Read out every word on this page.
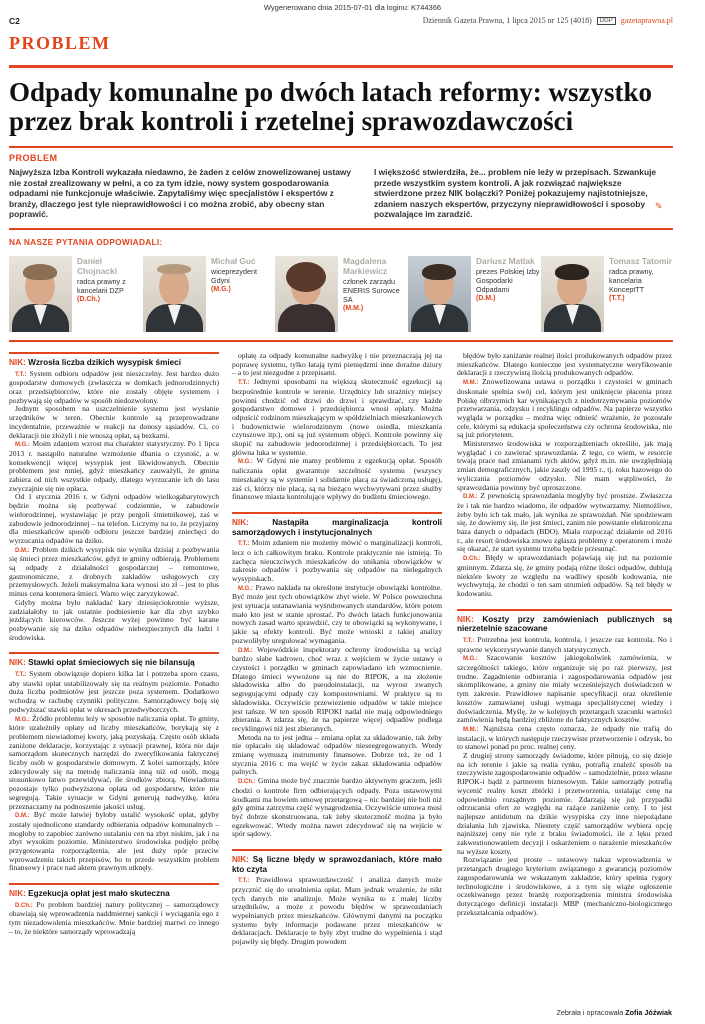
Wygenerowano dnia 2015-07-01 dla loginu: K744366
C2	Dziennik Gazeta Prawna, 1 lipca 2015 nr 125 (4018) DGP gazetaprawna.pl
PROBLEM
Odpady komunalne po dwóch latach reformy: wszystko przez brak kontroli i rzetelnej sprawozdawczości
PROBLEM
Najwyższa Izba Kontroli wykazała niedawno, że żaden z celów znowelizowanej ustawy nie został zrealizowany w pełni, a co za tym idzie, nowy system gospodarowania odpadami nie funkcjonuje właściwie. Zapytaliśmy więc specjalistów i ekspertów z branży, dlaczego jest tyle nieprawidłowości i co można zrobić, aby obecny stan poprawić.
I większość stwierdziła, że... problem nie leży w przepisach. Szwankuje przede wszystkim system kontroli. A jak rozwiązać największe stwierdzone przez NIK bolączki? Poniżej pokazujemy najistotniejsze, zdaniem naszych ekspertów, przyczyny nieprawidłowości i sposoby pozwalające im zaradzić.
✎
NA NASZE PYTANIA ODPOWIADALI:
Daniel Chojnacki
radca prawny z kancelarii DZP
(D.Ch.)
Michał Guć
wiceprezydent Gdyni
(M.G.)
Magdalena Markiewicz
członek zarządu ENERIS Surowce SA
(M.M.)
Dariusz Matlak
prezes Polskiej Izby Gospodarki Odpadami
(D.M.)
Tomasz Tatomir
radca prawny, kancelaria KonceptTT
(T.T.)
NIK: Wzrosła liczba dzikich wysypisk śmieci

T.T.: System odbioru odpadów jest nieszczelny. Jest bardzo dużo gospodarstw domowych (zwłaszcza w domkach jednorodzinnych) oraz przedsiębiorców, które nie zostały objęte systemem i pozbywają się odpadów w sposób niedozwolony.

Jednym sposobem na uszczelnienie systemu jest wysłanie urzędników w teren. Obecnie kontrole są przeprowadzane incydentalnie, przeważnie w reakcji na donosy sąsiadów. Ci, co deklaracji nie złożyli i nie wnoszą opłat, są bezkarni.

M.G.: Moim zdaniem wzrost ma charakter statystyczny. Po 1 lipca 2013 r. nastąpiło naturalne wzmożenie dbania o czystość, a w konsekwencji więcej wysypisk jest likwidowanych. Obecnie problemem jest mniej, gdyż mieszkańcy zauważyli, że gmina zabiera od nich wszystkie odpady, dlatego wyrzucanie ich do lasu zwyczajnie się nie opłaca.

Od 1 stycznia 2016 r. w Gdyni odpadów wielkogabarytowych będzie można się pozbywać codziennie, w zabudowie wielorodzinnej, wystawiając je przy pergoli śmietnikowej, zaś w zabudowie jednorodzinnej – na telefon. Liczymy na to, że przyjazny dla mieszkańców sposób odbioru jeszcze bardziej zniechęci do wyrzucania odpadów na dziko.

D.M.: Problem dzikich wysypisk nie wynika dzisiaj z pozbywania się śmieci przez mieszkańców, gdyż te gminy odbierają. Problemem są odpady z działalności gospodarczej – remontowe, gastronomiczne, z drobnych zakładów usługowych czy przemysłowych. Jeżeli maksymalna kara wynosi sto zł – jest to plus minus cena kontenera śmieci. Warto więc zaryzykować.

Gdyby można było nakładać kary dziesięciokrotnie wyższe, zadziałałoby to jak ostatnie podniesienie kar dla zbyt szybko jeżdżących kierowców. Jeszcze wyżej powinno być karane pozbywanie się na dziko odpadów niebezpiecznych dla ludzi i środowiska.

NIK: Stawki opłat śmieciowych się nie bilansują

T.T.: System obowiązuje dopiero kilka lat i potrzeba sporo czasu, aby stawki opłat ustabilizowały się na realnym poziomie. Ponadto duża liczba podmiotów jest jeszcze poza systemem. Dodatkowo wchodzą w rachubę czynniki polityczne. Samorządowcy boją się podwyższać stawki opłat w okresach przedwyborczych.

M.G.: Źródło problemu leży w sposobie naliczania opłat. Te gminy, które uzależniły opłaty od liczby mieszkańców, borykają się z problemem niewiadomej kwoty, jaką pozyskają. Często osób składa zaniżone deklaracje, korzystając z sytuacji prawnej, która nie daje samorządom skutecznych narzędzi do zweryfikowania faktycznej liczby osób w gospodarstwie domowym. Z kolei samorządy, które zdecydowały się na metodę naliczania inną niż od osób, mogą stosunkowo łatwo przewidywać, ile środków zbiorą. Niewiadoma pozostaje tylko podwyższona opłata od gospodarstw, które nie segregują. Takie sytuacje w Gdyni generują nadwyżkę, która przeznaczamy na podnoszenie jakości usług.

D.M.: Być może łatwiej byłoby ustalić wysokość opłat, gdyby zostały ujednolicone standardy odbierania odpadów komunalnych – mogłoby to zapobiec zarówno ustalaniu cen na zbyt niskim, jak i na zbyt wysokim poziomie. Ministerstwo środowiska podjęło próbę przygotowania rozporządzenia, ale jest duży opór przeciw wprowadzeniu takich przepisów, bo to przede wszystkim problem finansowy i prace nad aktem prawnym utknęły.

NIK: Egzekucja opłat jest mało skuteczna

D.Ch.: Po problem bardziej natury politycznej – samorządowcy obawiają się wprowadzenia naddmiernej sankcji i wyciągania ego z tym niezadowolenia mieszkańców. Mnie bardziej martwi co innego – to, że niektóre samorządy wprowadzają

opłatę za odpady komunalne nadwyżkę i nie przeznaczają jej na poprawę systemu, tylko łatają tymi pieniędzmi inne doraźne dziury – a to jest niezgodne z przepisami.

T.T.: Jednymi sposobami na większą skuteczność egzekucji są bezpośrednie kontrole w terenie. Urzędnicy lub strażnicy miejscy powinni chodzić od drzwi do drzwi i sprawdzać, czy każde gospodarstwo domowe i przedsiębiorca wnosi opłaty. Można odpuścić rodzinom mieszkającym w spółdzielniach mieszkaniowych i budownictwie wielorodzinnym (nowe osiedla, mieszkania czynszowe itp.), oni są już systemem objęci. Kontrole powinny się skupić na zabudowie jednorodzinnej i przedsiębiorcach. To jest główna luka w systemie.

M.G.: W Gdyni nie mamy problemu z egzekucją opłat. Sposób naliczania opłat gwarantuje szczelność systemu (wszyscy mieszkańcy są w systemie i solidarnie płacą za świadczoną usługę), zaś ci, którzy nie płacą, są na bieżąco wychwytywani przez służby finansowe miasta kontrolujące wpływy do budżetu śmieciowego.

NIK:	Nastąpiła marginalizacja kontroli samorządowych i instytucjonalnych

T.T.: Moim zdaniem nie możemy mówić o marginalizacji kontroli, lecz o ich całkowitym braku. Kontrole praktycznie nie istnieją. To zachęca nieuczciwych mieszkańców do unikania obowiązków w zakresie odpadów i pozbywania się odpadów na nielegalnych wysypiskach.

M.G.: Prawo nakłada na określone instytucje obowiązki kontrolne. Być może jest tych obowiązków zbyt wiele. W Polsce powszechna jest sytuacja ustanawiania wyśrubowanych standardów, które potem mało kto jest w stanie sprostać. Po dwóch latach funkcjonowania nowych zasad warto sprawdzić, czy te obowiązki są wykonywane, i jakie są efekty kontroli. Być może wnioski z takiej analizy pozwoliłyby uregulować wymagania.

D.M.: Wojewódzkie inspektoraty ochrony środowiska są wciąż bardzo słabe kadrowo, choć wraz z wejściem w życie ustawy o czystości i porządku w gminach zapowiadano ich wzmocnienie. Dlatego śmieci wywożone są nie do RIPOK, a na złożenie składowiska albo do pseudoinstalacji, na wyrost zwanych segregującymi odpady czy kompostowniami. W praktyce są to składowiska. Oczywiście przewiezienie odpadów w takie miejsce jest tańsze. W ten sposób RIPOKI nadal nie mają odpowiedniego zbierania. A zdarza się, że na papierze więcej odpadów podlega recyklingowi niż jest zbieranych.

Metoda na to jest jedna – zmiana opłat za składowanie, tak żeby nie opłacało się składować odpadów nieseegregowanych. Wtedy zmianę wymuszą instrumenty finansowe. Dobrze też, że od 1 stycznia 2016 r. ma wejść w życie zakaz składowania odpadów palnych.

D.Ch.: Gmina może być znacznie bardzo aktywnym graczem, jeśli chodzi o kontrole firm odbierających odpady. Poza ustawowymi środkami ma bowiem umowę przetargową – nic bardziej nie boli niż gdy gmina zatrzyma część wynagrodzenia. Oczywiście umowa musi być dobrze skonstruowana, tak żeby skuteczność można ja było egzekwować. Wtedy można nawet zdecydować się na wejście w spór sądowy.

NIK: Są liczne błędy w sprawozdaniach, które mało kto czyta

T.T.: Prawidłowa sprawozdawczość i analiza danych może przycznić się do urealnienia opłat. Mam jednak wrażenie, że nikt tych danych nie analizuje. Może wynika to z małej liczby urzędników, a może z powodu błędów w sprawozdaniach wypełnianych przez mieszkańców. Głównymi danymi na początku systemu były informacje podawane przez mieszkańców w deklaracjach. Deklaracje te były zbyt trudne do wypełnienia i stąd pojawiły się błędy. Drugim powodem

błędów było zaniżanie realnej ilości produkowanych odpadów przez mieszkańców. Dlatego konieczne jest systematyczne weryfikowanie deklaracji z rzeczywistą ilością produkowanych odpadów.

M.M.: Znowelizowana ustawa o porządku i czystości w gminach doskonale spełnia swój cel, którym jest uniknięcie płacenia przez Polskę olbrzymich kar wynikających z niedotrzymywania poziomów przetwarzania, odzysku i recyklingu odpadów. Na papierze wszystko wygląda w porządku – można więc odnieść wrażenie, że pozostałe cele, którymi są edukacja społeczeństwa czy ochrona środowiska, nie są już priorytetem.

Ministerstwo środowiska w rozporządzeniach określiło, jak mają wyglądać i co zawierać sprawozdania. Z tego, co wiem, w resorcie trwają prace nad zmianami tych aktów, gdyż m.in. nie uwzględniają zmian demograficznych, jakie zaszły od 1995 r., tj. roku bazowego do wyliczania poziomów odzysku. Nie mam wątpliwości, że sprawozdania powinny być uproszczone.

D.M.: Z pewnością sprawozdania mogłyby być prostsze. Zwłaszcza że i tak nie bardzo wiadomo, ile odpadów wytwarzamy. Niemożliwe, żeby było ich tak mało, jak wynika ze sprawozdań. Nie spodziewam się, że dowiemy się, ile jest śmieci, zanim nie powstanie elektroniczna baza danych o odpadach (BDO). Miała rozpocząć działanie od 2016 r., ale resort środowiska znowu zgłasza problemy z operatorem i może się okazać, że start systemu trzeba będzie przesunąć.

D.Ch.: Błędy w sprawozdaniach pojawiają się już na poziomie gminnym. Zdarza się, że gminy podają różne ilości odpadów, dublują niektóre kwoty ze względu na wadliwy sposób kodowania, nie wychwytują, że chodzi o ten sam strumień odpadów. Są też błędy w kodowaniu.

NIK: Koszty przy zamówieniach publicznych są nierzetelnie szacowane

T.T.: Potrzebna jest kontrola, kontrola, i jeszcze raz kontrola. No i sprawne wykorzystywanie danych statystycznych.

M.G.: Szacowanie kosztów jakiegokolwiek zamówienia, w szczególności takiego, które organizuje się po raz pierwszy, jest trudne. Zagadnienie odbierania i zagospodarowania odpadów jest skomplikowane, a gminy nie miały wcześniejszych doświadczeń w tym zakresie. Prawidłowe napisanie specyfikacji oraz określenie kosztów zamawianej usługi wymaga specjalistycznej wiedzy i doświadczenia. Myślę, że w kolejnych przetargach szacunki wartości zamówienia będą bardziej zbliżone do faktycznych kosztów.

M.M.: Najniższa cena często oznacza, że odpady nie trafią do instalacji, w których następuje rzeczywiste przetworzenie i odzysk, bo to stanowi ponad po proc. realnej ceny.

Z drugiej strony samorządy świadome, które pilnują, co się dzieje na ich terenie i jakie są realia rynku, potrafią znaleźć sposób na rzeczywiste zagospodarowanie odpadów – samodzielnie, przez własne RIPOK-i bądź z partnerem biznesowym. Takie samorządy potrafią wycenić realny koszt zbiórki i przetworzenia, ustalając cenę na odpowiednio rozsądnym poziomie. Zdarzają się już przypadki odrzucania ofert ze względu na rażące zaniżenie ceny. I to jest najlepsze antidotum na dzikie wysypiska czy inne niepożądane działania lub zjawiska. Niestety część samorządów wybiera opcję najniższej ceny nie tyle z braku świadomości, ile z lęku przed zakwestionowaniem decyzji i oskarżeniem o narażenie mieszkańców na wyższe koszty.

Rozwiązanie jest proste – ustawowy nakaz wprowadzenia w przetargach drugiego kryterium związanego z gwarancją poziomów zagospodarowania we wskazanym zakładzie, który spełnia rygory technologiczne i środowiskowe, a z tym się wiąże ogłoszenie oczekiwanego przez branżę rozporządzenia ministra środowiska dotyczącego definicji instalacji MBP (mechaniczno-biologicznego przekształcania odpadów).

Zebrała i opracowała Zofia Jóźwiak
